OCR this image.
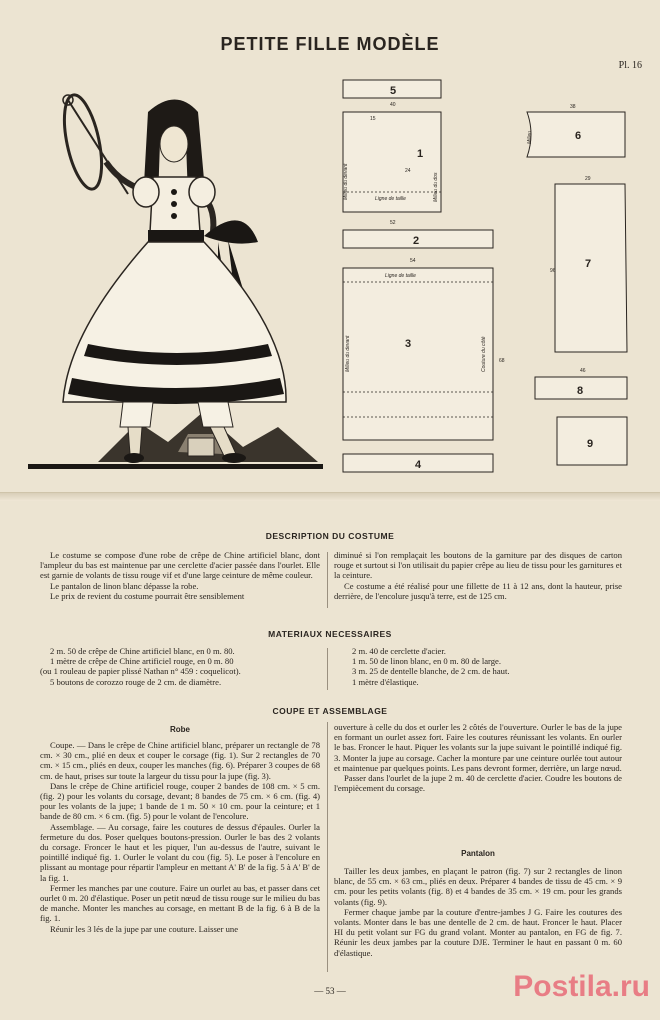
PETITE FILLE MODÈLE
Pl. 16
5
1
2
3
4
6
7
8
9
Milieu du devant	Ligne de taille	Milieu du dos
Ligne de taille
Milieu du devant	Couture du côté
Milieu
40
52
54
15
24
38
29
46
68
96
DESCRIPTION DU COSTUME

Le costume se compose d'une robe de crêpe de Chine artificiel blanc, dont l'ampleur du bas est maintenue par une cerclette d'acier passée dans l'ourlet. Elle est garnie de volants de tissu rouge vif et d'une large ceinture de même couleur.

Le pantalon de linon blanc dépasse la robe.

Le prix de revient du costume pourrait être sensiblement

diminué si l'on remplaçait les boutons de la garniture par des disques de carton rouge et surtout si l'on utilisait du papier crêpe au lieu de tissu pour les garnitures et la ceinture.

Ce costume a été réalisé pour une fillette de 11 à 12 ans, dont la hauteur, prise derrière, de l'encolure jusqu'à terre, est de 125 cm.

MATERIAUX NECESSAIRES

2 m. 50 de crêpe de Chine artificiel blanc, en 0 m. 80.

1 mètre de crêpe de Chine artificiel rouge, en 0 m. 80

(ou 1 rouleau de papier plissé Nathan n° 459 : coquelicot).

5 boutons de corozzo rouge de 2 cm. de diamètre.

2 m. 40 de cerclette d'acier.

1 m. 50 de linon blanc, en 0 m. 80 de large.

3 m. 25 de dentelle blanche, de 2 cm. de haut.

1 mètre d'élastique.

COUPE ET ASSEMBLAGE
Robe

Coupe. — Dans le crêpe de Chine artificiel blanc, préparer un rectangle de 78 cm. × 30 cm., plié en deux et couper le corsage (fig. 1). Sur 2 rectangles de 70 cm. × 15 cm., pliés en deux, couper les manches (fig. 6). Préparer 3 coupes de 68 cm. de haut, prises sur toute la largeur du tissu pour la jupe (fig. 3).

Dans le crêpe de Chine artificiel rouge, couper 2 bandes de 108 cm. × 5 cm. (fig. 2) pour les volants du corsage, devant; 8 bandes de 75 cm. × 6 cm. (fig. 4) pour les volants de la jupe; 1 bande de 1 m. 50 × 10 cm. pour la ceinture; et 1 bande de 80 cm. × 6 cm. (fig. 5) pour le volant de l'encolure.

Assemblage. — Au corsage, faire les coutures de dessus d'épaules. Ourler la fermeture du dos. Poser quelques boutons-pression. Ourler le bas des 2 volants du corsage. Froncer le haut et les piquer, l'un au-dessus de l'autre, suivant le pointillé indiqué fig. 1. Ourler le volant du cou (fig. 5). Le poser à l'encolure en plissant au montage pour répartir l'ampleur en mettant A' B' de la fig. 5 à A' B' de la fig. 1.

Fermer les manches par une couture. Faire un ourlet au bas, et passer dans cet ourlet 0 m. 20 d'élastique. Poser un petit nœud de tissu rouge sur le milieu du bas de manche. Monter les manches au corsage, en mettant B de la fig. 6 à B de la fig. 1.

Réunir les 3 lés de la jupe par une couture. Laisser une

ouverture à celle du dos et ourler les 2 côtés de l'ouverture. Ourler le bas de la jupe en formant un ourlet assez fort. Faire les coutures réunissant les volants. En ourler le bas. Froncer le haut. Piquer les volants sur la jupe suivant le pointillé indiqué fig. 3. Monter la jupe au corsage. Cacher la monture par une ceinture ourlée tout autour et maintenue par quelques points. Les pans devront former, derrière, un large nœud.

Passer dans l'ourlet de la jupe 2 m. 40 de cerclette d'acier. Coudre les boutons de l'empiècement du corsage.

Pantalon

Tailler les deux jambes, en plaçant le patron (fig. 7) sur 2 rectangles de linon blanc, de 55 cm. × 63 cm., pliés en deux. Préparer 4 bandes de tissu de 45 cm. × 9 cm. pour les petits volants (fig. 8) et 4 bandes de 35 cm. × 19 cm. pour les grands volants (fig. 9).

Fermer chaque jambe par la couture d'entre-jambes J G. Faire les coutures des volants. Monter dans le bas une dentelle de 2 cm. de haut. Froncer le haut. Placer HI du petit volant sur FG du grand volant. Monter au pantalon, en FG de fig. 7. Réunir les deux jambes par la couture DJE. Terminer le haut en passant 0 m. 60 d'élastique.

— 53 —	Postila.ru
